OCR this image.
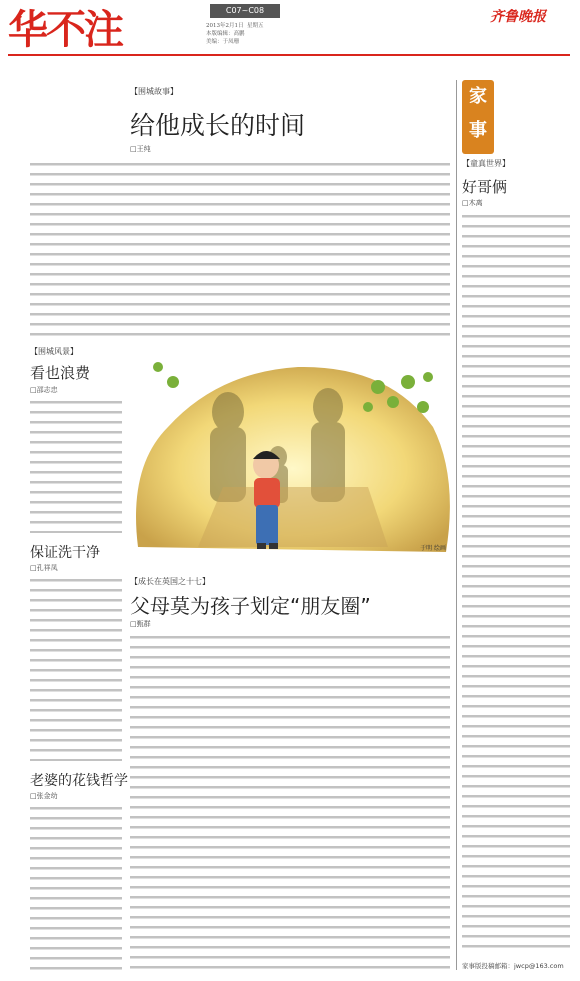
华不注	C07~C08
2013年2月1日  星期五
本版编辑：高鹏
美编：于凤珊
齐鲁晚报
【围城故事】
给他成长的时间
□王纯
【围城风景】
看也浪费
□邵志忠
保证洗干净
□孔祥凤
老婆的花钱哲学
□张金幼
于明 绘画
【成长在英国之十七】
父母莫为孩子划定“朋友圈”
□甄群
家事
【童真世界】
好哥俩
□木离
家事版投稿邮箱：jwcp@163.com
